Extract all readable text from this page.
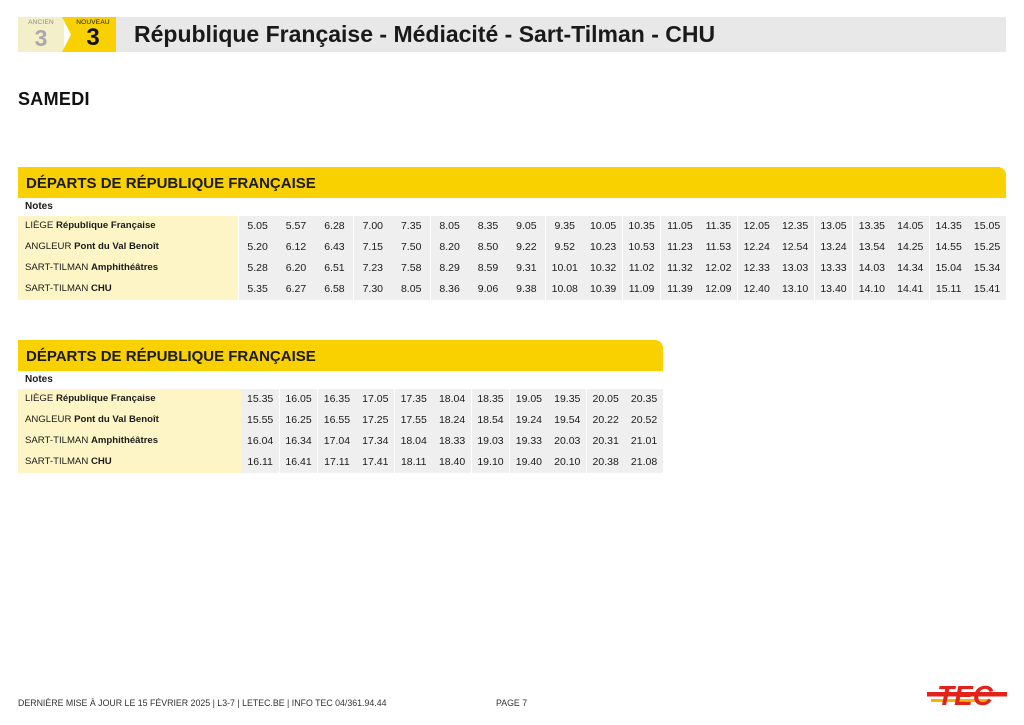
ANCIEN
3
NOUVEAU
3	République Française - Médiacité - Sart-Tilman - CHU
SAMEDI
DÉPARTS DE RÉPUBLIQUE FRANÇAISE
Notes
LIÈGE République Française	5.05	5.57	6.28	7.00	7.35	8.05	8.35	9.05	9.35	10.05	10.35	11.05	11.35	12.05	12.35	13.05	13.35	14.05	14.35	15.05
ANGLEUR Pont du Val Benoît	5.20	6.12	6.43	7.15	7.50	8.20	8.50	9.22	9.52	10.23	10.53	11.23	11.53	12.24	12.54	13.24	13.54	14.25	14.55	15.25
SART-TILMAN Amphithéâtres	5.28	6.20	6.51	7.23	7.58	8.29	8.59	9.31	10.01	10.32	11.02	11.32	12.02	12.33	13.03	13.33	14.03	14.34	15.04	15.34
SART-TILMAN CHU	5.35	6.27	6.58	7.30	8.05	8.36	9.06	9.38	10.08	10.39	11.09	11.39	12.09	12.40	13.10	13.40	14.10	14.41	15.11	15.41
DÉPARTS DE RÉPUBLIQUE FRANÇAISE
Notes
LIÈGE République Française	15.35	16.05	16.35	17.05	17.35	18.04	18.35	19.05	19.35	20.05	20.35
ANGLEUR Pont du Val Benoît	15.55	16.25	16.55	17.25	17.55	18.24	18.54	19.24	19.54	20.22	20.52
SART-TILMAN Amphithéâtres	16.04	16.34	17.04	17.34	18.04	18.33	19.03	19.33	20.03	20.31	21.01
SART-TILMAN CHU	16.11	16.41	17.11	17.41	18.11	18.40	19.10	19.40	20.10	20.38	21.08
DERNIÈRE MISE À JOUR LE 15 FÉVRIER 2025 | L3-7 | LETEC.BE | INFO TEC 04/361.94.44	PAGE 7	TEC
